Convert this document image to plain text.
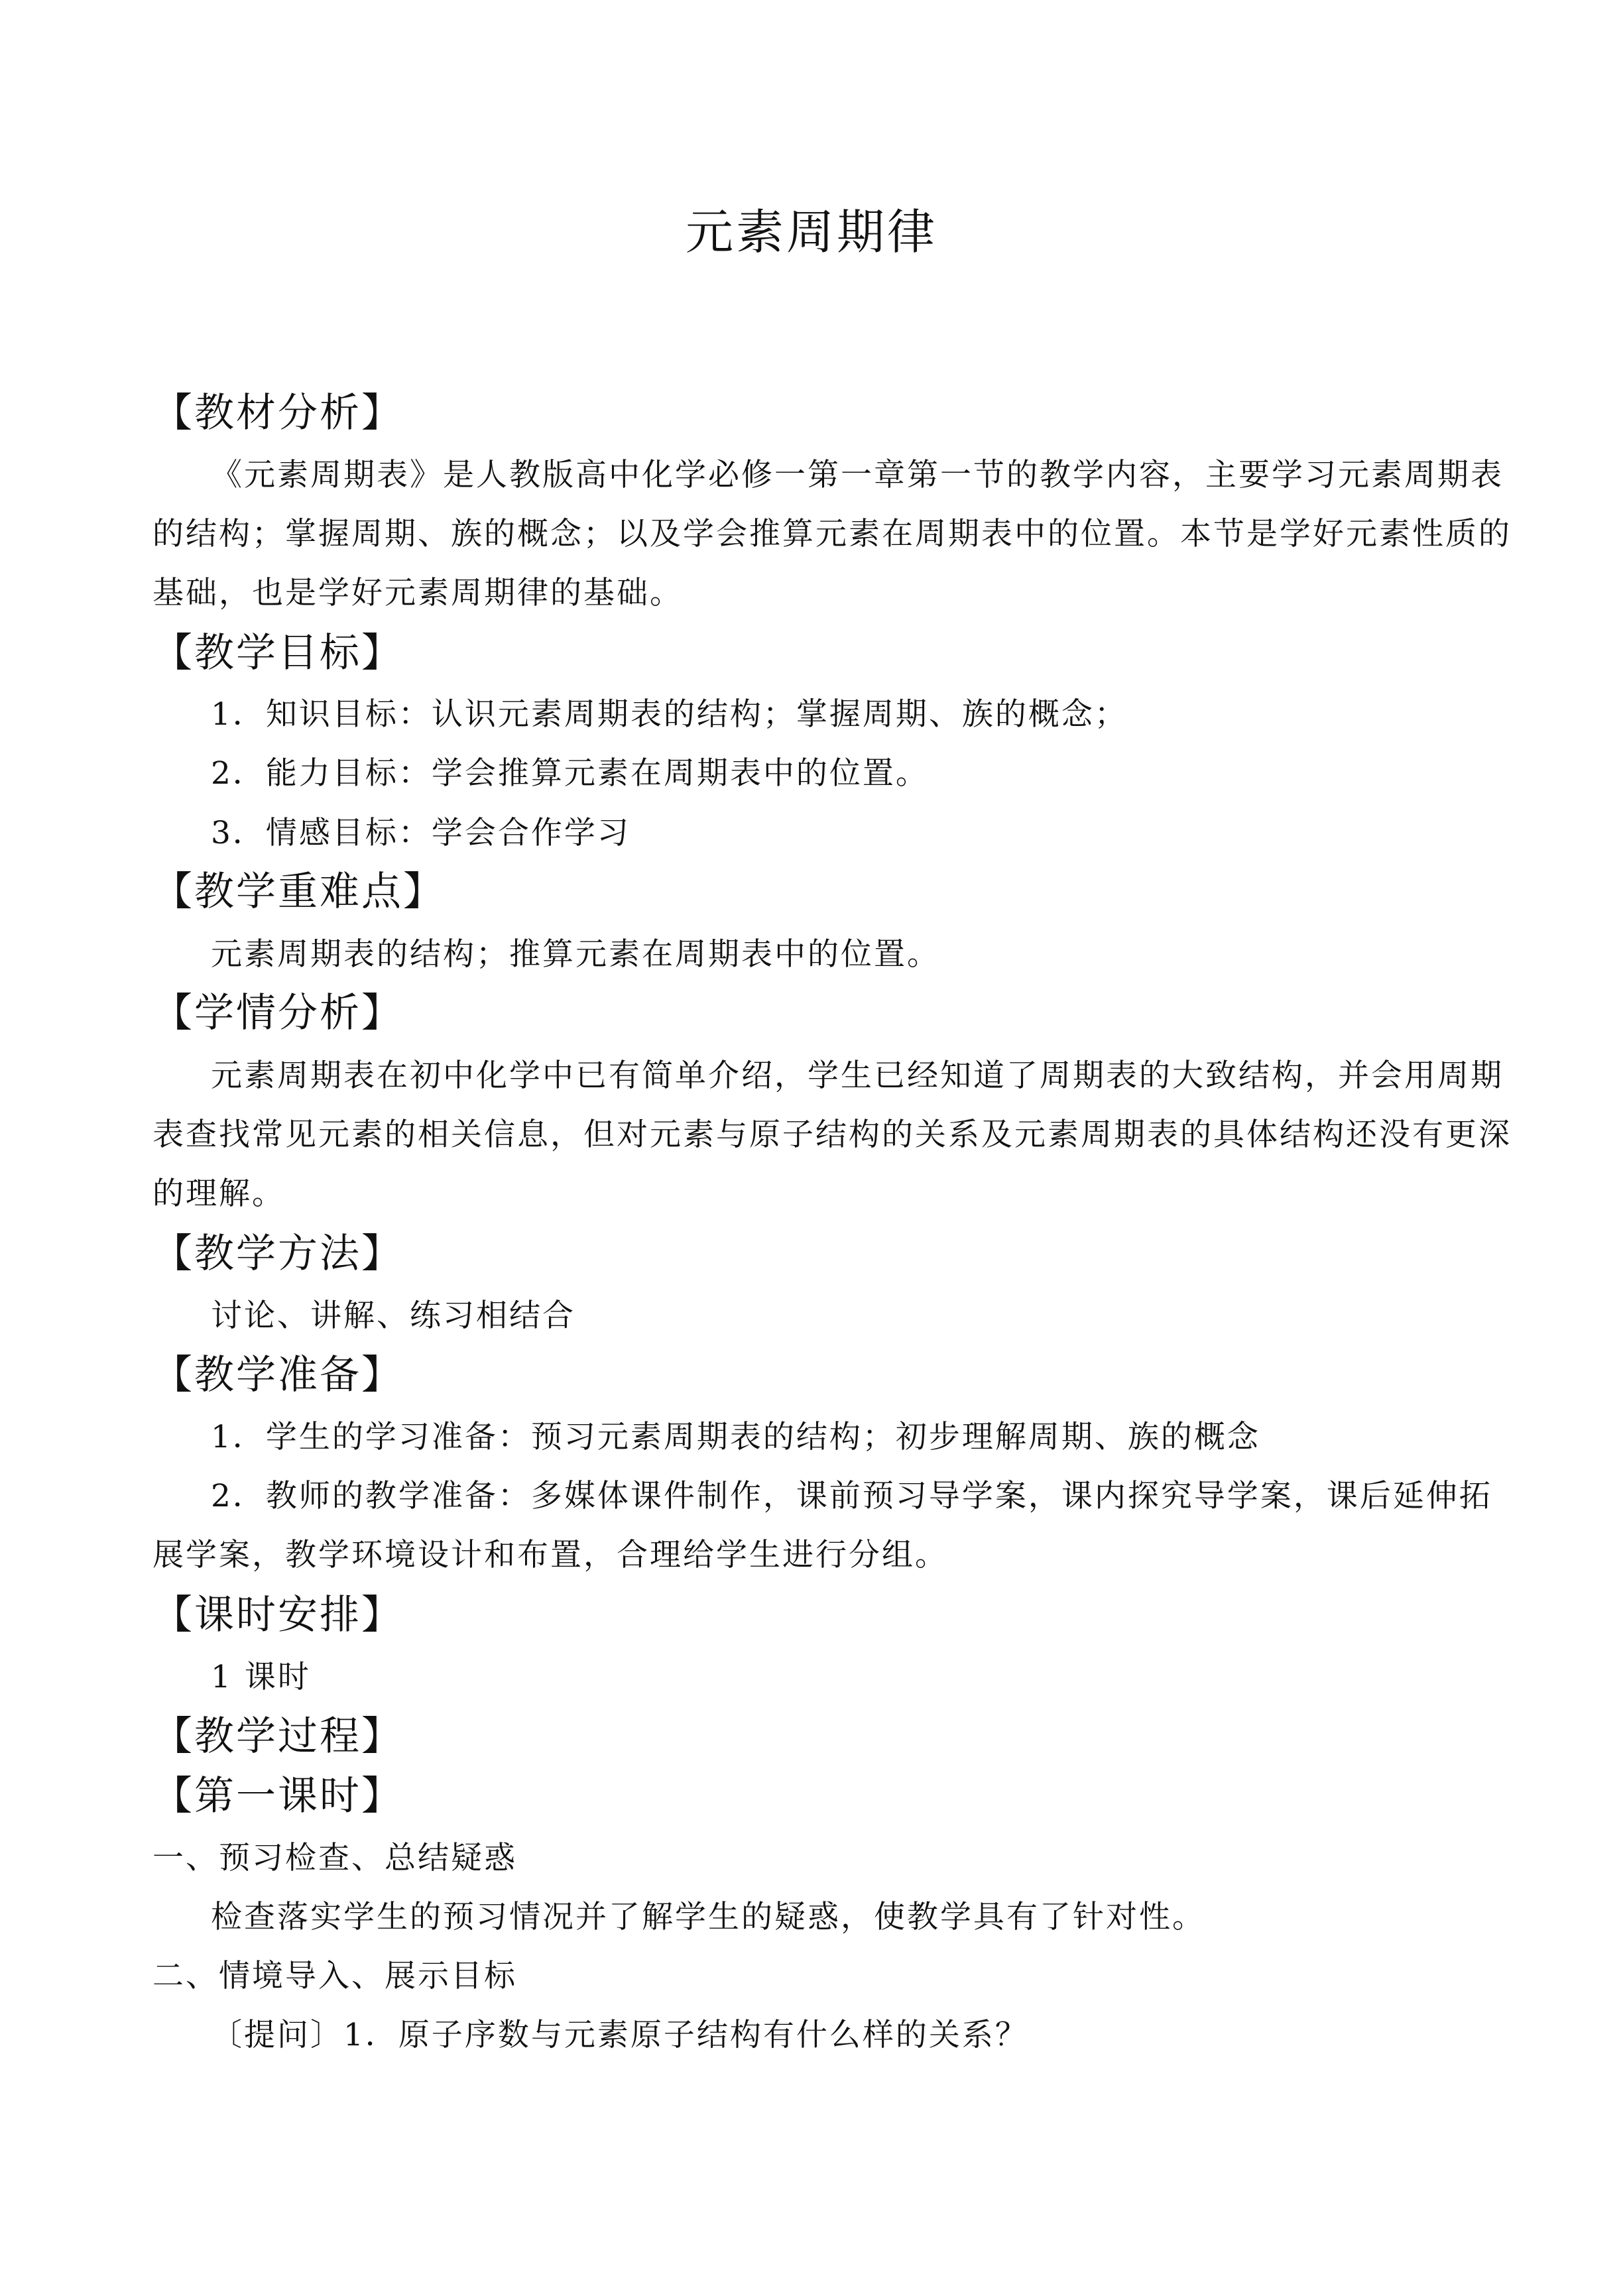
元素周期律
【教材分析】
《元素周期表》是人教版高中化学必修一第一章第一节的教学内容，主要学习元素周期表
的结构；掌握周期、族的概念；以及学会推算元素在周期表中的位置。本节是学好元素性质的
基础，也是学好元素周期律的基础。
【教学目标】
1．知识目标：认识元素周期表的结构；掌握周期、族的概念；
2．能力目标：学会推算元素在周期表中的位置。
3．情感目标：学会合作学习
【教学重难点】
元素周期表的结构；推算元素在周期表中的位置。
【学情分析】
元素周期表在初中化学中已有简单介绍，学生已经知道了周期表的大致结构，并会用周期
表查找常见元素的相关信息，但对元素与原子结构的关系及元素周期表的具体结构还没有更深
的理解。
【教学方法】
讨论、讲解、练习相结合
【教学准备】
1．学生的学习准备：预习元素周期表的结构；初步理解周期、族的概念
2．教师的教学准备：多媒体课件制作，课前预习导学案，课内探究导学案，课后延伸拓
展学案，教学环境设计和布置，合理给学生进行分组。
【课时安排】
1 课时
【教学过程】
【第一课时】
一、预习检查、总结疑惑
检查落实学生的预习情况并了解学生的疑惑，使教学具有了针对性。
二、情境导入、展示目标
〔提问〕1．原子序数与元素原子结构有什么样的关系？
